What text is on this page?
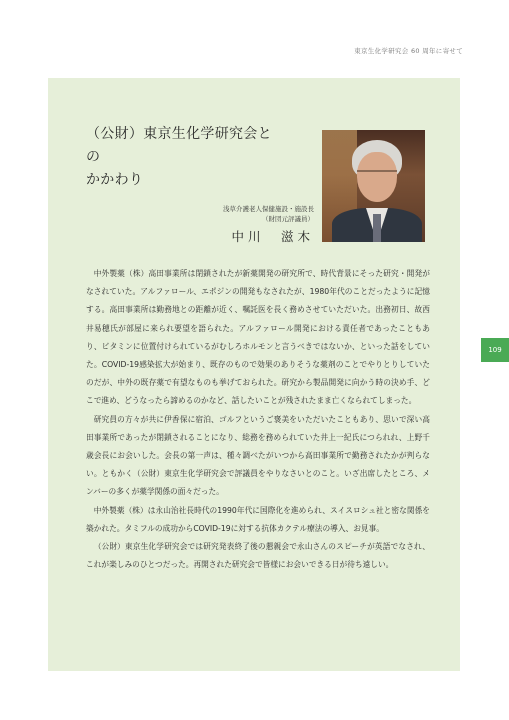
東京生化学研究会 60 周年に寄せて
（公財）東京生化学研究会との
かかわり
浅草介護老人保健施設・施設長
（財団元評議員）
中川　滋木

中外製薬（株）高田事業所は閉鎖されたが新薬開発の研究所で、時代背景にそった研究・開発がなされていた。アルファロール、エポジンの開発もなされたが、1980年代のことだったように記憶する。高田事業所は勤務地との距離が近く、嘱託医を長く務めさせていただいた。出務初日、故西井易穂氏が部屋に来られ要望を語られた。アルファロール開発における責任者であったこともあり、ビタミンに位置付けられているがむしろホルモンと言うべきではないか、といった話をしていた。COVID-19感染拡大が始まり、既存のもので効果のありそうな薬剤のことでやりとりしていたのだが、中外の既存薬で有望なものも挙げておられた。研究から製品開発に向かう時の決め手、どこで進め、どうなったら諦めるのかなど、話したいことが残されたまま亡くなられてしまった。

研究員の方々が共に伊香保に宿泊、ゴルフというご褒美をいただいたこともあり、思いで深い高田事業所であったが閉鎖されることになり、総務を務められていた井上一紀氏につられれ、上野千歳会長にお会いした。会長の第一声は、種々調べたがいつから高田事業所で勤務されたかが判らない。ともかく（公財）東京生化学研究会で評議員をやりなさいとのこと。いざ出席したところ、メンバーの多くが薬学関係の面々だった。

中外製薬（株）は永山治社長時代の1990年代に国際化を進められ、スイスロシュ社と密な関係を築かれた。タミフルの成功からCOVID-19に対する抗体カクテル療法の導入、お見事。

（公財）東京生化学研究会では研究発表終了後の懇親会で永山さんのスピーチが英語でなされ、これが楽しみのひとつだった。再開された研究会で皆様にお会いできる日が待ち遠しい。

109
